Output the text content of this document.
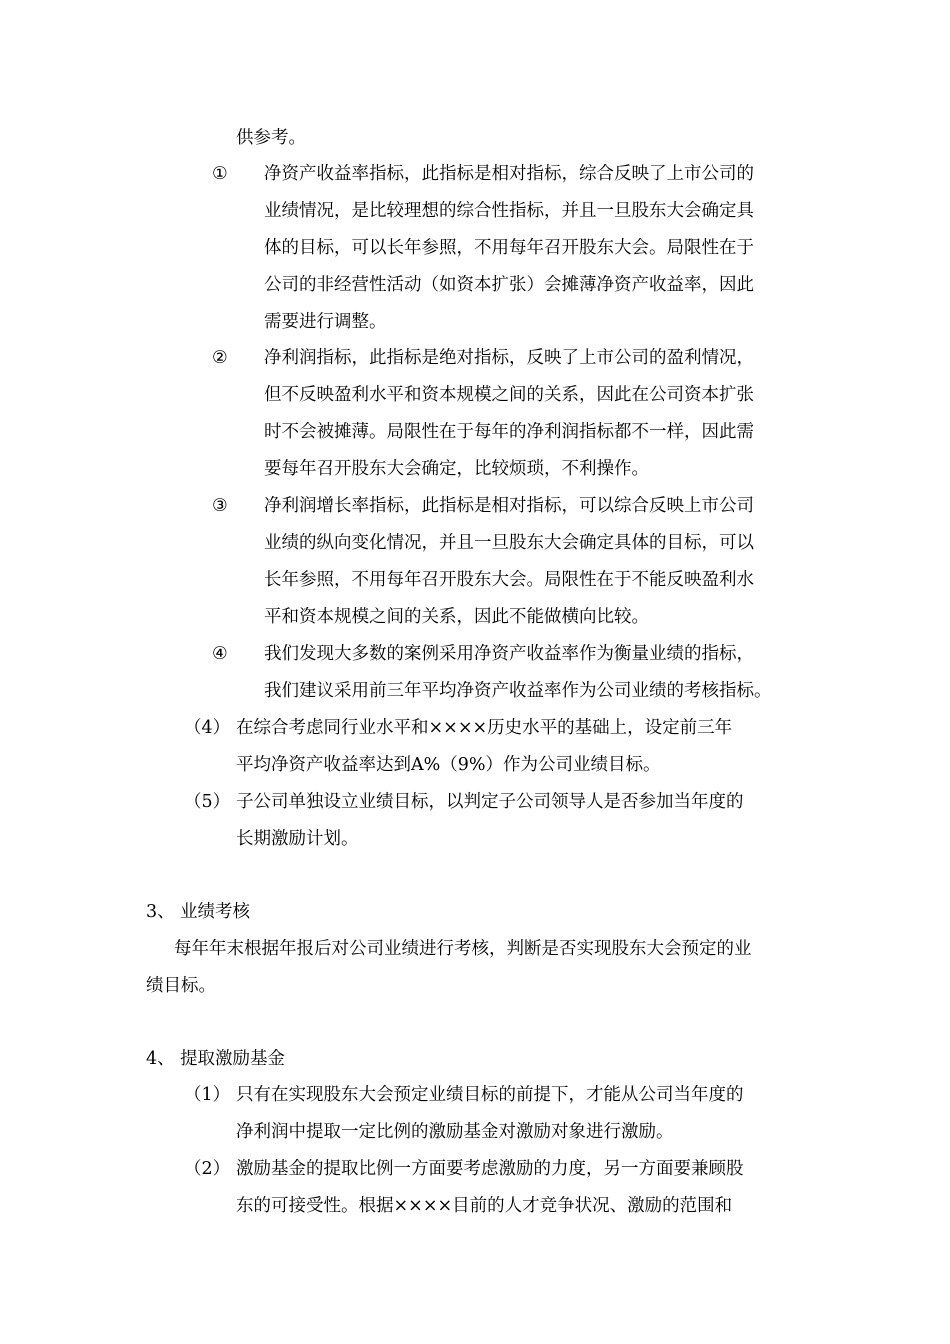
供参考。
① 净资产收益率指标，此指标是相对指标，综合反映了上市公司的
业绩情况，是比较理想的综合性指标，并且一旦股东大会确定具
体的目标，可以长年参照，不用每年召开股东大会。局限性在于
公司的非经营性活动（如资本扩张）会摊薄净资产收益率，因此
需要进行调整。
② 净利润指标，此指标是绝对指标，反映了上市公司的盈利情况，
但不反映盈利水平和资本规模之间的关系，因此在公司资本扩张
时不会被摊薄。局限性在于每年的净利润指标都不一样，因此需
要每年召开股东大会确定，比较烦琐，不利操作。
③ 净利润增长率指标，此指标是相对指标，可以综合反映上市公司
业绩的纵向变化情况，并且一旦股东大会确定具体的目标，可以
长年参照，不用每年召开股东大会。局限性在于不能反映盈利水
平和资本规模之间的关系，因此不能做横向比较。
④ 我们发现大多数的案例采用净资产收益率作为衡量业绩的指标，
我们建议采用前三年平均净资产收益率作为公司业绩的考核指标。
（4） 在综合考虑同行业水平和××××历史水平的基础上，设定前三年
平均净资产收益率达到A%（9%）作为公司业绩目标。
（5） 子公司单独设立业绩目标，以判定子公司领导人是否参加当年度的
长期激励计划。
3、 业绩考核
每年年末根据年报后对公司业绩进行考核，判断是否实现股东大会预定的业
绩目标。
4、 提取激励基金
（1） 只有在实现股东大会预定业绩目标的前提下，才能从公司当年度的
净利润中提取一定比例的激励基金对激励对象进行激励。
（2） 激励基金的提取比例一方面要考虑激励的力度，另一方面要兼顾股
东的可接受性。根据××××目前的人才竞争状况、激励的范围和
